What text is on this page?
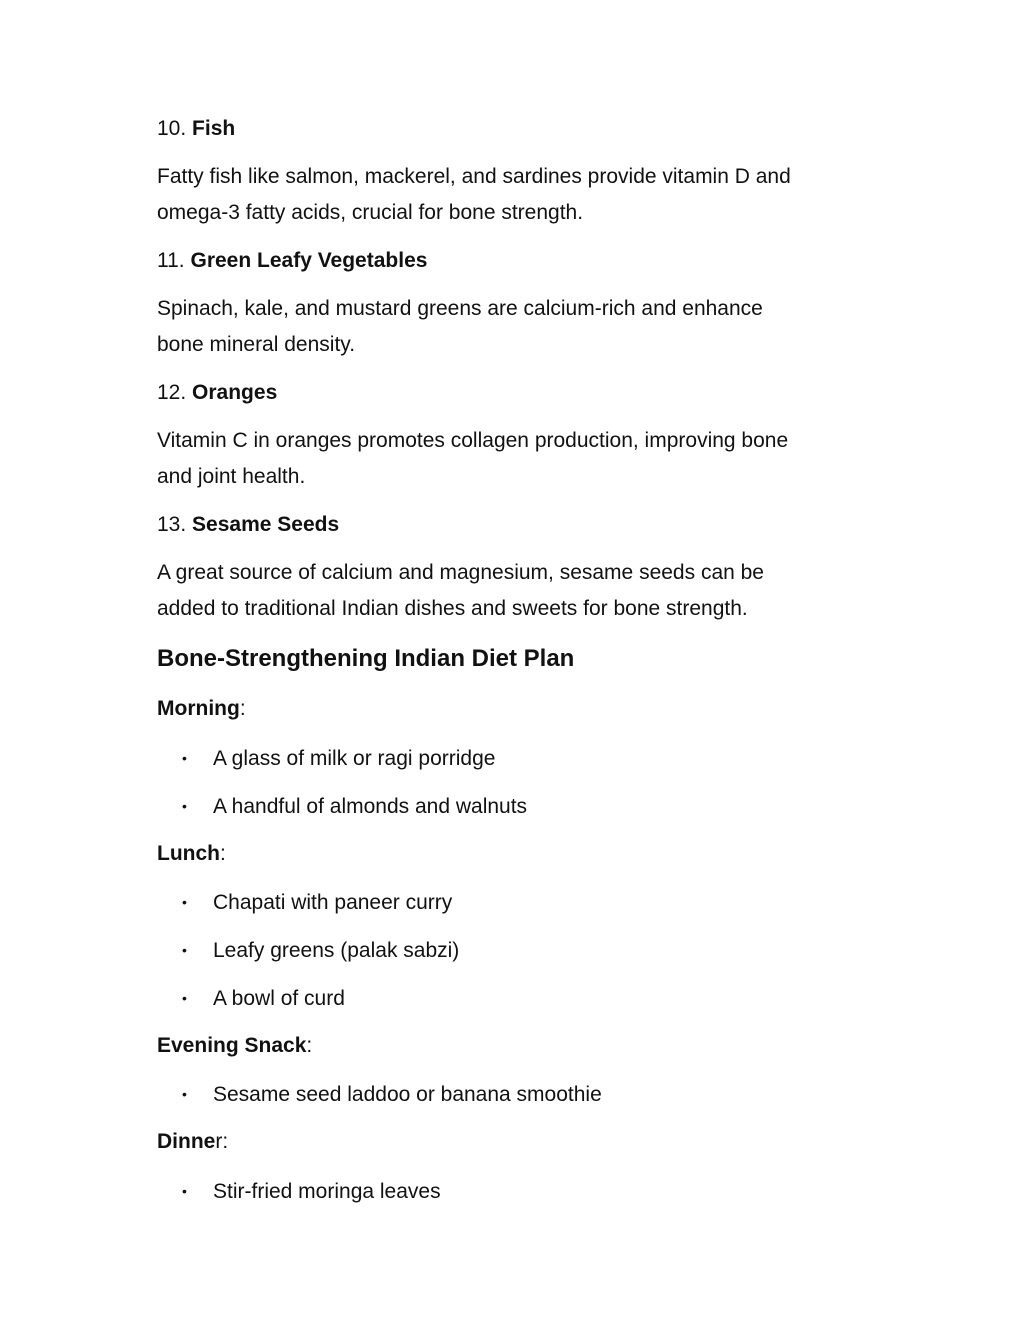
10. Fish

Fatty fish like salmon, mackerel, and sardines provide vitamin D and

omega-3 fatty acids, crucial for bone strength.

11. Green Leafy Vegetables

Spinach, kale, and mustard greens are calcium-rich and enhance

bone mineral density.

12. Oranges

Vitamin C in oranges promotes collagen production, improving bone

and joint health.

13. Sesame Seeds

A great source of calcium and magnesium, sesame seeds can be

added to traditional Indian dishes and sweets for bone strength.

Bone-Strengthening Indian Diet Plan

Morning:

• A glass of milk or ragi porridge

• A handful of almonds and walnuts

Lunch:

• Chapati with paneer curry

• Leafy greens (palak sabzi)

• A bowl of curd

Evening Snack:

• Sesame seed laddoo or banana smoothie

Dinner:

• Stir-fried moringa leaves
